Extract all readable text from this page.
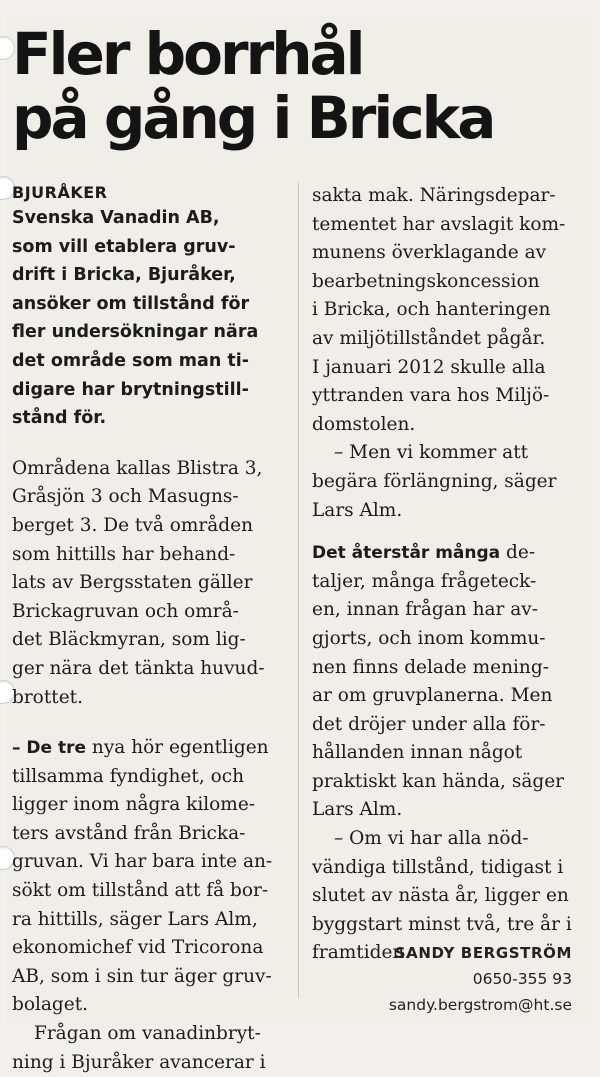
Fler borrhål
på gång i Bricka
BJURÅKER
Svenska Vanadin AB,
som vill etablera gruv-
drift i Bricka, Bjuråker,
ansöker om tillstånd för
fler undersökningar nära
det område som man ti-
digare har brytningstill-
stånd för.
Områdena kallas Blistra 3,
Gråsjön 3 och Masugns-
berget 3. De två områden
som hittills har behand-
lats av Bergsstaten gäller
Brickagruvan och områ-
det Bläckmyran, som lig-
ger nära det tänkta huvud-
brottet.
– De tre nya hör egentligen
tillsamma fyndighet, och
ligger inom några kilome-
ters avstånd från Bricka-
gruvan. Vi har bara inte an-
sökt om tillstånd att få bor-
ra hittills, säger Lars Alm,
ekonomichef vid Tricorona
AB, som i sin tur äger gruv-
bolaget.
Frågan om vanadinbryt-
ning i Bjuråker avancerar i
sakta mak. Näringsdepar-
tementet har avslagit kom-
munens överklagande av
bearbetningskoncession
i Bricka, och hanteringen
av miljötillståndet pågår.
I januari 2012 skulle alla
yttranden vara hos Miljö-
domstolen.
– Men vi kommer att
begära förlängning, säger
Lars Alm.
Det återstår många de-
taljer, många frågeteck-
en, innan frågan har av-
gjorts, och inom kommu-
nen finns delade mening-
ar om gruvplanerna. Men
det dröjer under alla för-
hållanden innan något
praktiskt kan hända, säger
Lars Alm.
– Om vi har alla nöd-
vändiga tillstånd, tidigast i
slutet av nästa år, ligger en
byggstart minst två, tre år i
framtiden.
SANDY BERGSTRÖM
0650-355 93
sandy.bergstrom@ht.se
